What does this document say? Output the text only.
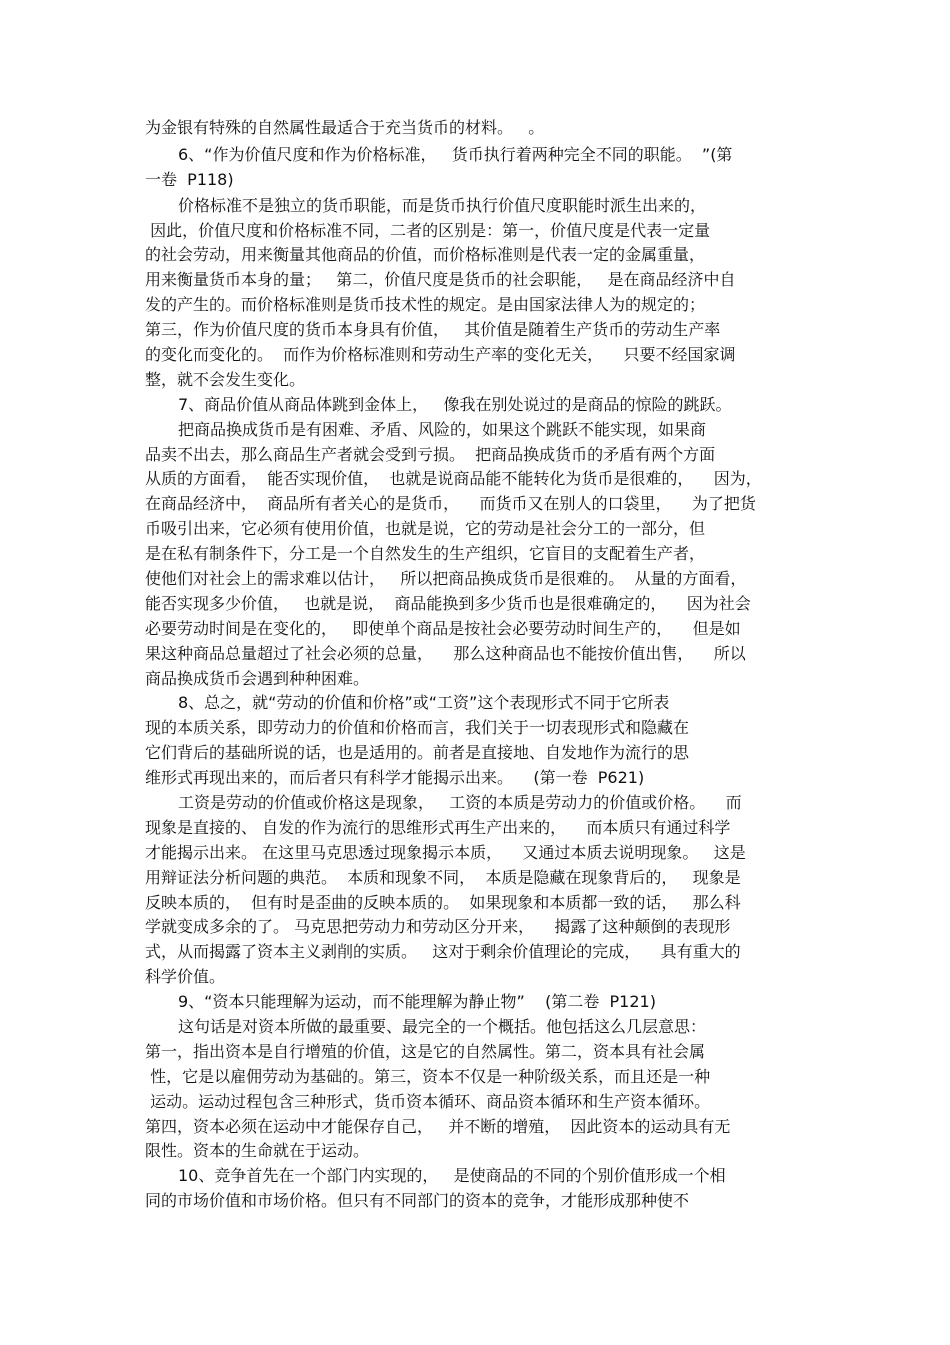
为金银有特殊的自然属性最适合于充当货币的材料。   。
6、“作为价值尺度和作为价格标准，   货币执行着两种完全不同的职能。  ”(第
一卷  P118)
价格标准不是独立的货币职能，而是货币执行价值尺度职能时派生出来的，
因此，价值尺度和价格标准不同，二者的区别是：第一，价值尺度是代表一定量
的社会劳动，用来衡量其他商品的价值，而价格标准则是代表一定的金属重量，
用来衡量货币本身的量；   第二，价值尺度是货币的社会职能，   是在商品经济中自
发的产生的。而价格标准则是货币技术性的规定。是由国家法律人为的规定的；
第三，作为价值尺度的货币本身具有价值，   其价值是随着生产货币的劳动生产率
的变化而变化的。  而作为价格标准则和劳动生产率的变化无关，    只要不经国家调
整，就不会发生变化。
7、商品价值从商品体跳到金体上，   像我在别处说过的是商品的惊险的跳跃。
把商品换成货币是有困难、矛盾、风险的，如果这个跳跃不能实现，如果商
品卖不出去，那么商品生产者就会受到亏损。  把商品换成货币的矛盾有两个方面
从质的方面看，  能否实现价值，  也就是说商品能不能转化为货币是很难的，    因为，
在商品经济中，  商品所有者关心的是货币，    而货币又在别人的口袋里，    为了把货
币吸引出来，它必须有使用价值，也就是说，它的劳动是社会分工的一部分，但
是在私有制条件下，分工是一个自然发生的生产组织，它盲目的支配着生产者，
使他们对社会上的需求难以估计，   所以把商品换成货币是很难的。  从量的方面看，
能否实现多少价值，   也就是说，  商品能换到多少货币也是很难确定的，    因为社会
必要劳动时间是在变化的，   即使单个商品是按社会必要劳动时间生产的，    但是如
果这种商品总量超过了社会必须的总量，    那么这种商品也不能按价值出售，    所以
商品换成货币会遇到种种困难。
8、总之，就“劳动的价值和价格”或“工资”这个表现形式不同于它所表
现的本质关系，即劳动力的价值和价格而言，我们关于一切表现形式和隐藏在
它们背后的基础所说的话，也是适用的。前者是直接地、自发地作为流行的思
维形式再现出来的，而后者只有科学才能揭示出来。    (第一卷  P621)
工资是劳动的价值或价格这是现象，   工资的本质是劳动力的价值或价格。    而
现象是直接的、 自发的作为流行的思维形式再生产出来的，    而本质只有通过科学
才能揭示出来。 在这里马克思透过现象揭示本质，    又通过本质去说明现象。   这是
用辩证法分析问题的典范。  本质和现象不同，  本质是隐藏在现象背后的，   现象是
反映本质的，  但有时是歪曲的反映本质的。  如果现象和本质都一致的话，   那么科
学就变成多余的了。 马克思把劳动力和劳动区分开来，    揭露了这种颠倒的表现形
式，从而揭露了资本主义剥削的实质。   这对于剩余价值理论的完成，    具有重大的
科学价值。
9、“资本只能理解为运动，而不能理解为静止物”    (第二卷  P121)
这句话是对资本所做的最重要、最完全的一个概括。他包括这么几层意思：
第一，指出资本是自行增殖的价值，这是它的自然属性。第二，资本具有社会属
性，它是以雇佣劳动为基础的。第三，资本不仅是一种阶级关系，而且还是一种
运动。运动过程包含三种形式，货币资本循环、商品资本循环和生产资本循环。
第四，资本必须在运动中才能保存自己，   并不断的增殖，  因此资本的运动具有无
限性。资本的生命就在于运动。
10、竞争首先在一个部门内实现的，   是使商品的不同的个别价值形成一个相
同的市场价值和市场价格。但只有不同部门的资本的竞争，才能形成那种使不
